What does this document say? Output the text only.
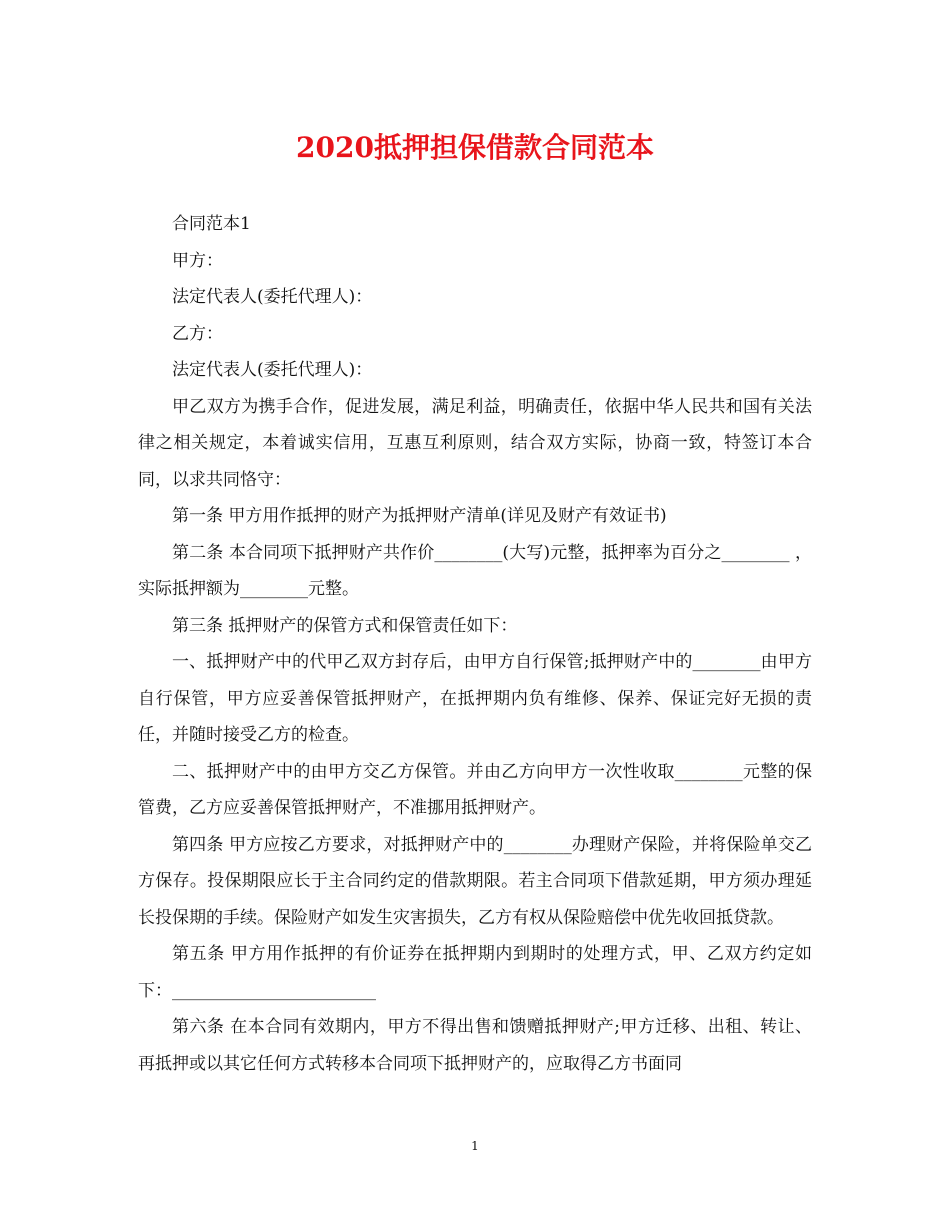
2020抵押担保借款合同范本

合同范本1

甲方：

法定代表人(委托代理人)：

乙方：

法定代表人(委托代理人)：

甲乙双方为携手合作，促进发展，满足利益，明确责任，依据中华人民共和国有关法律之相关规定，本着诚实信用，互惠互利原则，结合双方实际，协商一致，特签订本合同，以求共同恪守：

第一条 甲方用作抵押的财产为抵押财产清单(详见及财产有效证书)

第二条 本合同项下抵押财产共作价________(大写)元整，抵押率为百分之________ ，实际抵押额为________元整。

第三条 抵押财产的保管方式和保管责任如下：

一、抵押财产中的代甲乙双方封存后，由甲方自行保管;抵押财产中的________由甲方自行保管，甲方应妥善保管抵押财产，在抵押期内负有维修、保养、保证完好无损的责任，并随时接受乙方的检查。

二、抵押财产中的由甲方交乙方保管。并由乙方向甲方一次性收取________元整的保管费，乙方应妥善保管抵押财产，不准挪用抵押财产。

第四条 甲方应按乙方要求，对抵押财产中的________办理财产保险，并将保险单交乙方保存。投保期限应长于主合同约定的借款期限。若主合同项下借款延期，甲方须办理延长投保期的手续。保险财产如发生灾害损失，乙方有权从保险赔偿中优先收回抵贷款。

第五条 甲方用作抵押的有价证券在抵押期内到期时的处理方式，甲、乙双方约定如下：________________________

第六条 在本合同有效期内，甲方不得出售和馈赠抵押财产;甲方迁移、出租、转让、再抵押或以其它任何方式转移本合同项下抵押财产的，应取得乙方书面同

1
